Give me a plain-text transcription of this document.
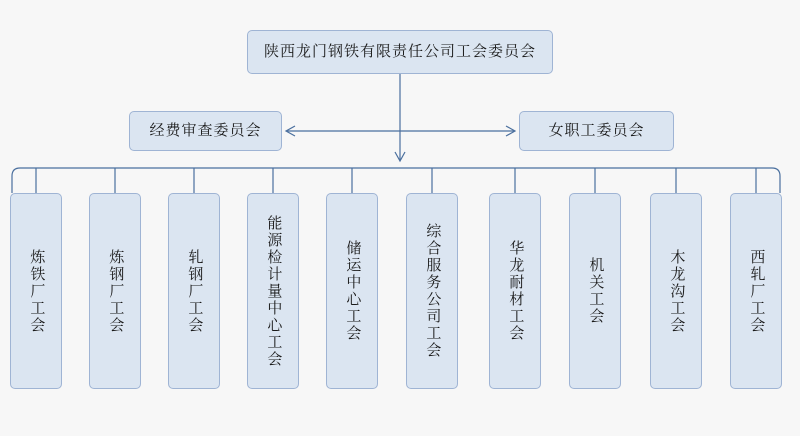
陕西龙门钢铁有限责任公司工会委员会
经费审查委员会	女职工委员会
炼铁厂工会	炼钢厂工会	轧钢厂工会	能源检计量中心工会	储运中心工会	综合服务公司工会	华龙耐材工会	机关工会	木龙沟工会	西轧厂工会
